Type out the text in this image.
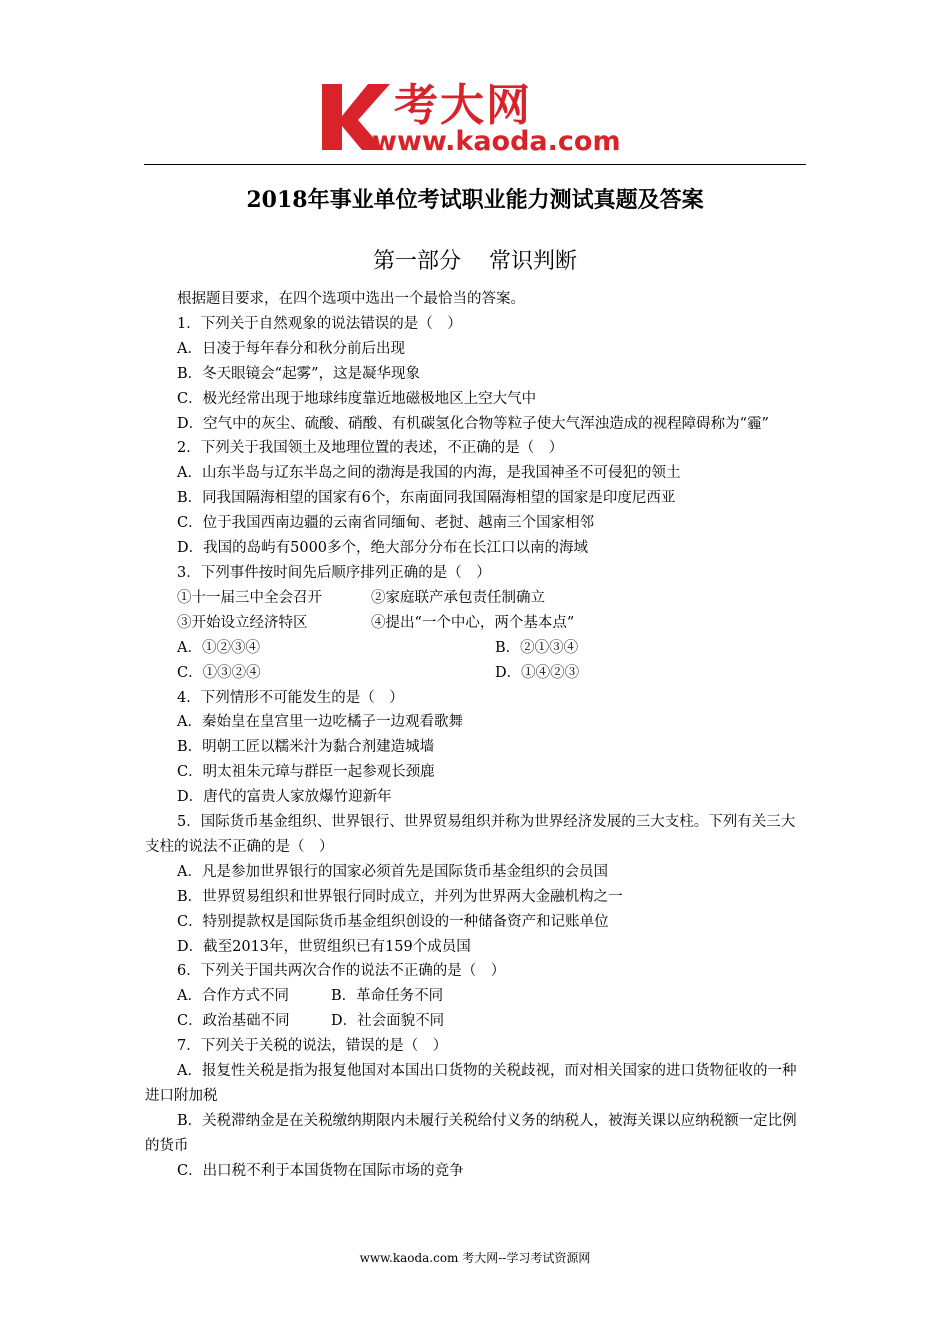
考大网
www.kaoda.com
2018年事业单位考试职业能力测试真题及答案
第一部分 常识判断
根据题目要求，在四个选项中选出一个最恰当的答案。
1．下列关于自然观象的说法错误的是（　）
A．日凌于每年春分和秋分前后出现
B．冬天眼镜会“起雾”，这是凝华现象
C．极光经常出现于地球纬度靠近地磁极地区上空大气中
D．空气中的灰尘、硫酸、硝酸、有机碳氢化合物等粒子使大气浑浊造成的视程障碍称为“霾”
2．下列关于我国领土及地理位置的表述，不正确的是（　）
A．山东半岛与辽东半岛之间的渤海是我国的内海，是我国神圣不可侵犯的领土
B．同我国隔海相望的国家有6个，东南面同我国隔海相望的国家是印度尼西亚
C．位于我国西南边疆的云南省同缅甸、老挝、越南三个国家相邻
D．我国的岛屿有5000多个，绝大部分分布在长江口以南的海域
3．下列事件按时间先后顺序排列正确的是（　）
①十一届三中全会召开	②家庭联产承包责任制确立
③开始设立经济特区	④提出“一个中心，两个基本点”
A．①②③④	B．②①③④
C．①③②④	D．①④②③
4．下列情形不可能发生的是（　）
A．秦始皇在皇宫里一边吃橘子一边观看歌舞
B．明朝工匠以糯米汁为黏合剂建造城墙
C．明太祖朱元璋与群臣一起参观长颈鹿
D．唐代的富贵人家放爆竹迎新年
5．国际货币基金组织、世界银行、世界贸易组织并称为世界经济发展的三大支柱。下列有关三大支柱的说法不正确的是（　）
A．凡是参加世界银行的国家必须首先是国际货币基金组织的会员国
B．世界贸易组织和世界银行同时成立，并列为世界两大金融机构之一
C．特别提款权是国际货币基金组织创设的一种储备资产和记账单位
D．截至2013年，世贸组织已有159个成员国
6．下列关于国共两次合作的说法不正确的是（　）
A．合作方式不同	B．革命任务不同
C．政治基础不同	D．社会面貌不同
7．下列关于关税的说法，错误的是（　）
A．报复性关税是指为报复他国对本国出口货物的关税歧视，而对相关国家的进口货物征收的一种进口附加税
B．关税滞纳金是在关税缴纳期限内未履行关税给付义务的纳税人，被海关课以应纳税额一定比例的货币
C．出口税不利于本国货物在国际市场的竞争
www.kaoda.com 考大网--学习考试资源网
